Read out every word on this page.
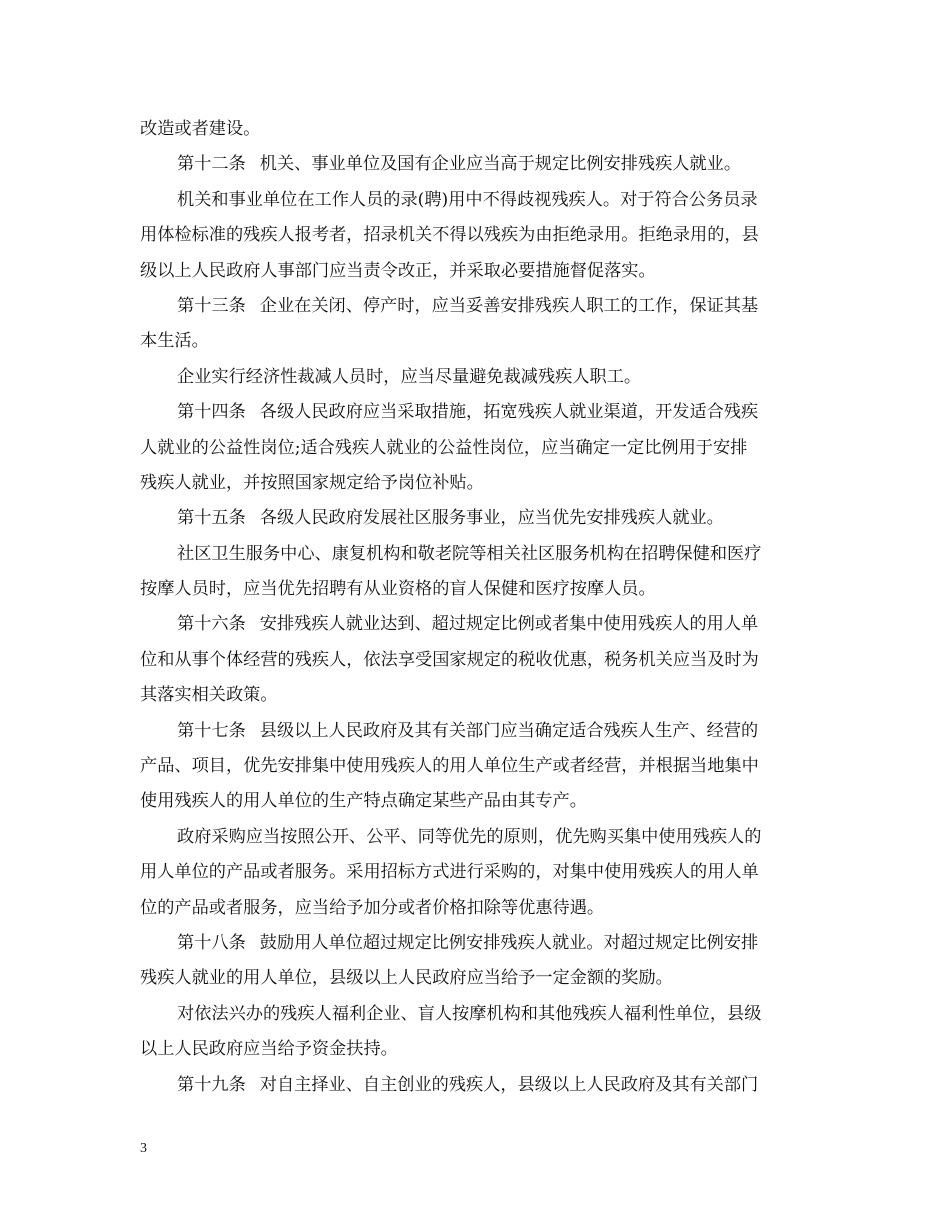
改造或者建设。
第十二条 机关、事业单位及国有企业应当高于规定比例安排残疾人就业。
机关和事业单位在工作人员的录(聘)用中不得歧视残疾人。对于符合公务员录
用体检标准的残疾人报考者，招录机关不得以残疾为由拒绝录用。拒绝录用的，县
级以上人民政府人事部门应当责令改正，并采取必要措施督促落实。
第十三条 企业在关闭、停产时，应当妥善安排残疾人职工的工作，保证其基
本生活。
企业实行经济性裁减人员时，应当尽量避免裁减残疾人职工。
第十四条 各级人民政府应当采取措施，拓宽残疾人就业渠道，开发适合残疾
人就业的公益性岗位;适合残疾人就业的公益性岗位，应当确定一定比例用于安排
残疾人就业，并按照国家规定给予岗位补贴。
第十五条 各级人民政府发展社区服务事业，应当优先安排残疾人就业。
社区卫生服务中心、康复机构和敬老院等相关社区服务机构在招聘保健和医疗
按摩人员时，应当优先招聘有从业资格的盲人保健和医疗按摩人员。
第十六条 安排残疾人就业达到、超过规定比例或者集中使用残疾人的用人单
位和从事个体经营的残疾人，依法享受国家规定的税收优惠，税务机关应当及时为
其落实相关政策。
第十七条 县级以上人民政府及其有关部门应当确定适合残疾人生产、经营的
产品、项目，优先安排集中使用残疾人的用人单位生产或者经营，并根据当地集中
使用残疾人的用人单位的生产特点确定某些产品由其专产。
政府采购应当按照公开、公平、同等优先的原则，优先购买集中使用残疾人的
用人单位的产品或者服务。采用招标方式进行采购的，对集中使用残疾人的用人单
位的产品或者服务，应当给予加分或者价格扣除等优惠待遇。
第十八条 鼓励用人单位超过规定比例安排残疾人就业。对超过规定比例安排
残疾人就业的用人单位，县级以上人民政府应当给予一定金额的奖励。
对依法兴办的残疾人福利企业、盲人按摩机构和其他残疾人福利性单位，县级
以上人民政府应当给予资金扶持。
第十九条 对自主择业、自主创业的残疾人，县级以上人民政府及其有关部门
3
